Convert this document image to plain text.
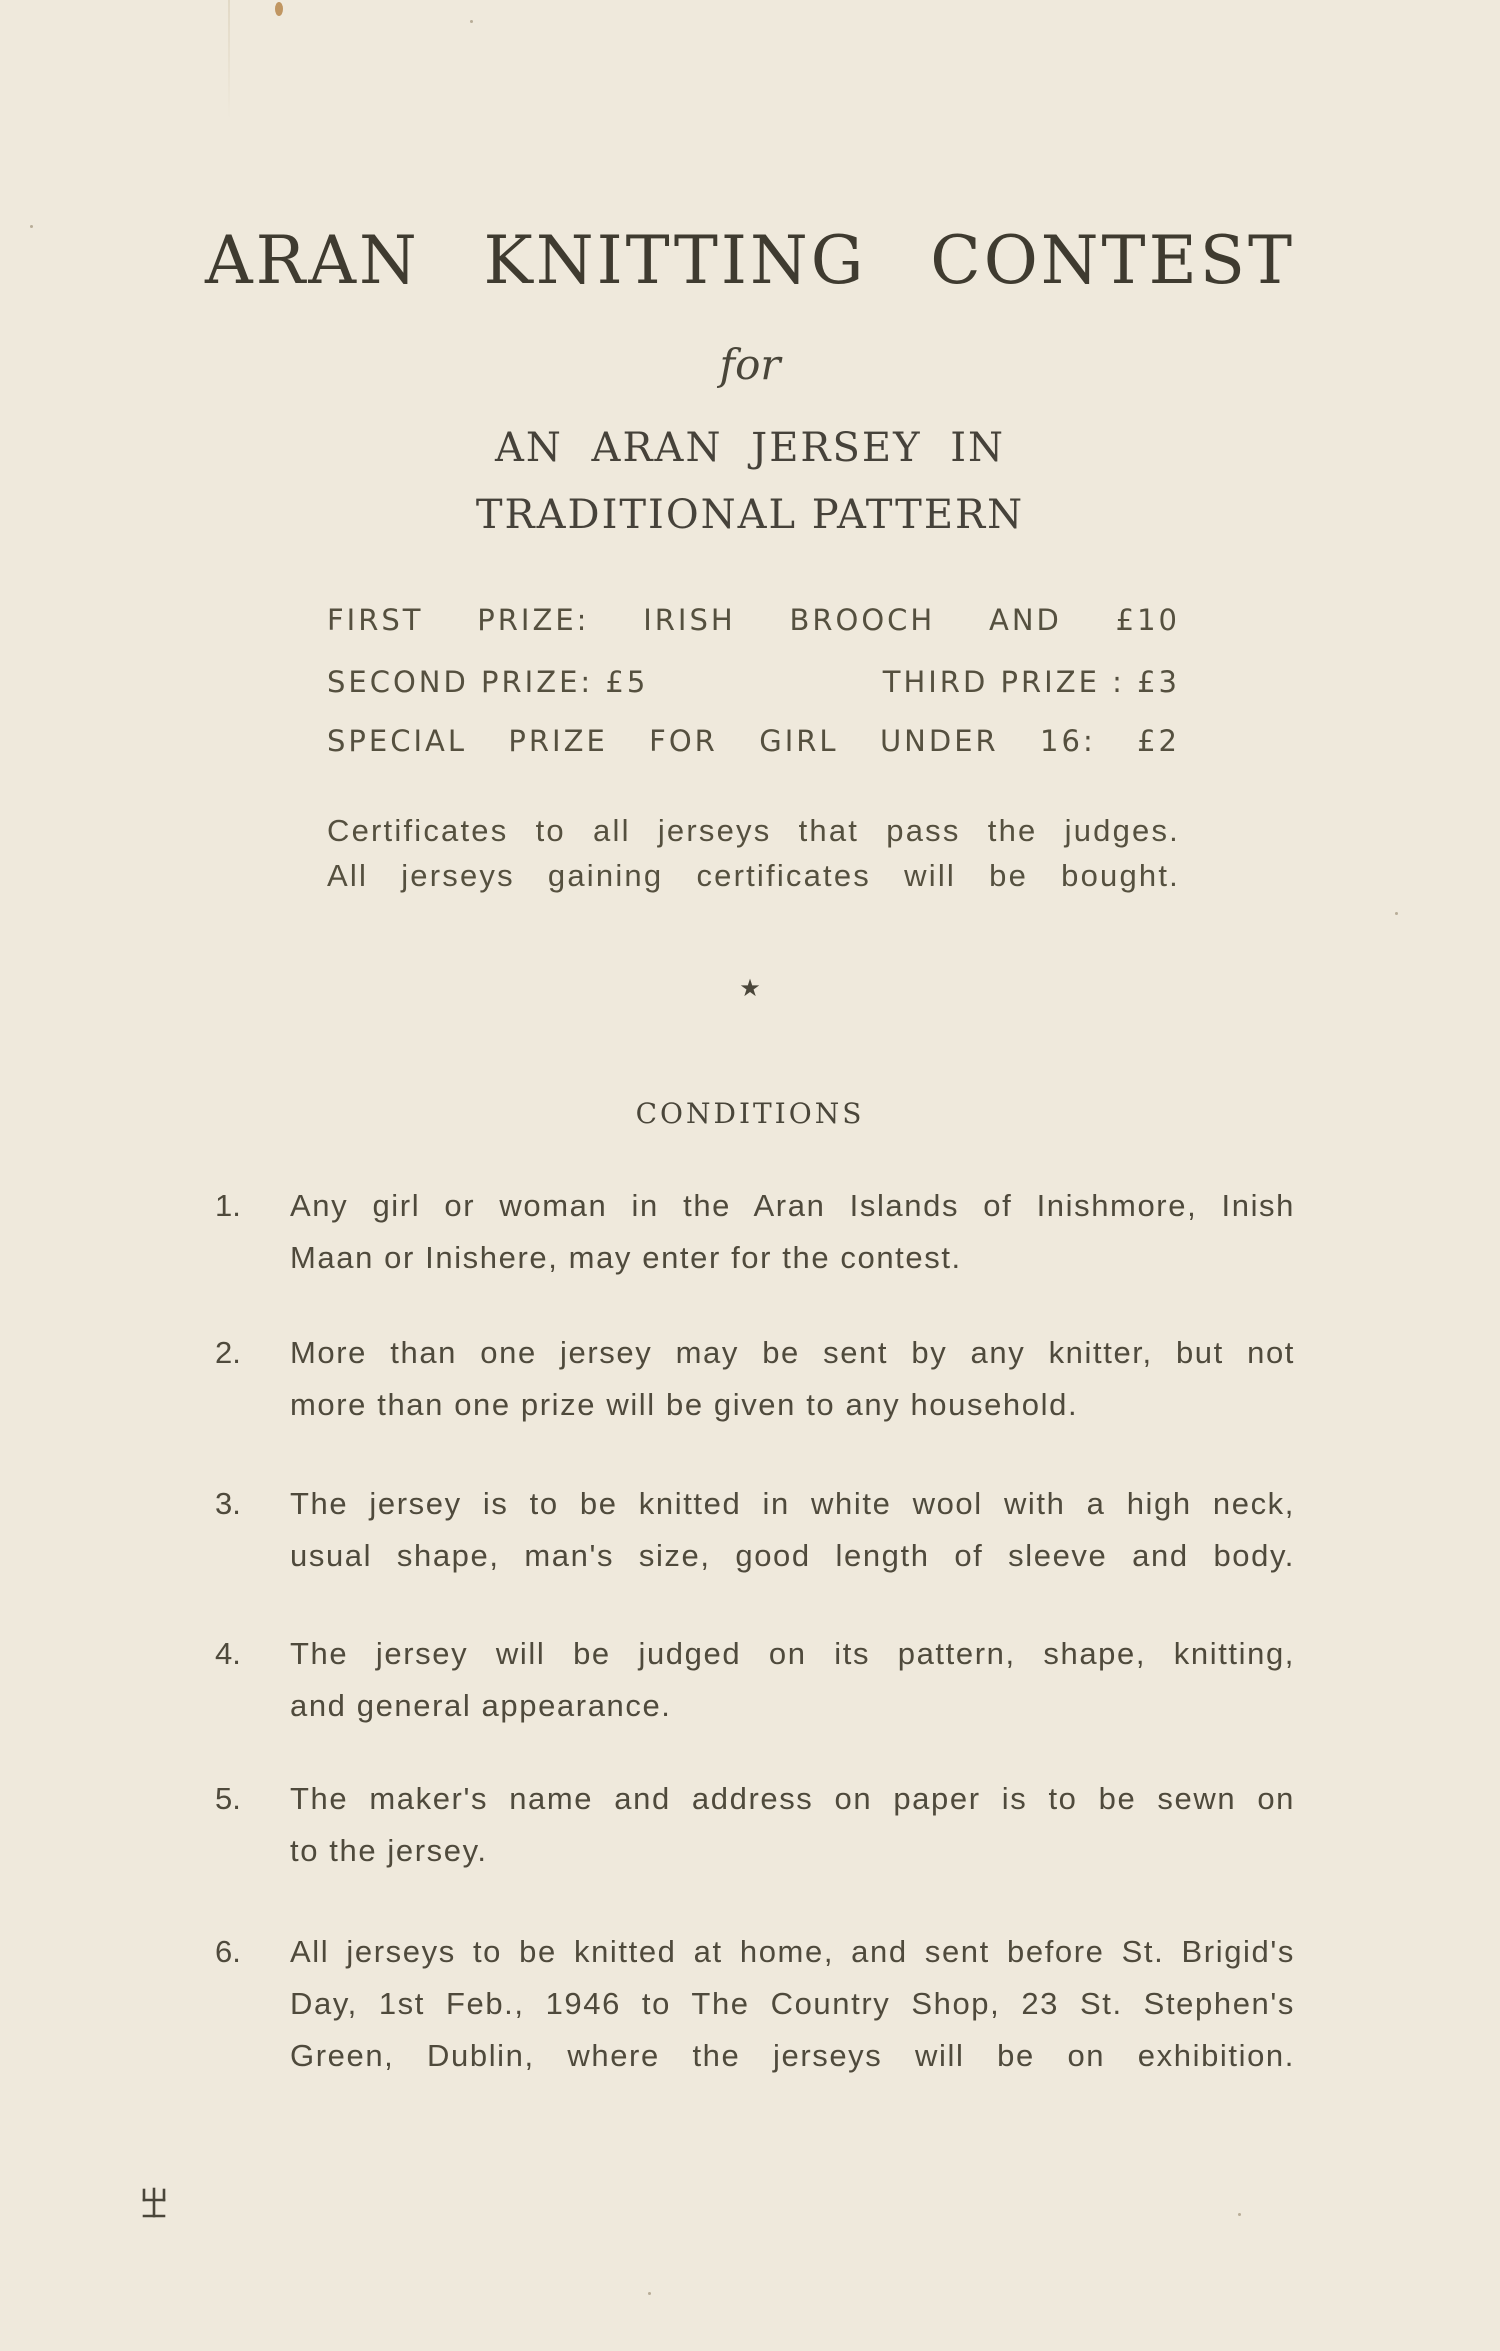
ARAN KNITTING CONTEST
for
AN ARAN JERSEY IN
TRADITIONAL PATTERN
FIRST PRIZE: IRISH BROOCH AND £10
SECOND PRIZE: £5	THIRD PRIZE : £3
SPECIAL PRIZE FOR GIRL UNDER 16: £2
Certificates to all jerseys that pass the judges.
All jerseys gaining certificates will be bought.
★
CONDITIONS
1.	Any girl or woman in the Aran Islands of Inishmore, Inish
Maan or Inishere, may enter for the contest.
2.	More than one jersey may be sent by any knitter, but not
more than one prize will be given to any household.
3.	The jersey is to be knitted in white wool with a high neck,
usual shape, man's size, good length of sleeve and body.
4.	The jersey will be judged on its pattern, shape, knitting,
and general appearance.
5.	The maker's name and address on paper is to be sewn on
to the jersey.
6.	All jerseys to be knitted at home, and sent before St. Brigid's
Day, 1st Feb., 1946 to The Country Shop, 23 St. Stephen's
Green, Dublin, where the jerseys will be on exhibition.
